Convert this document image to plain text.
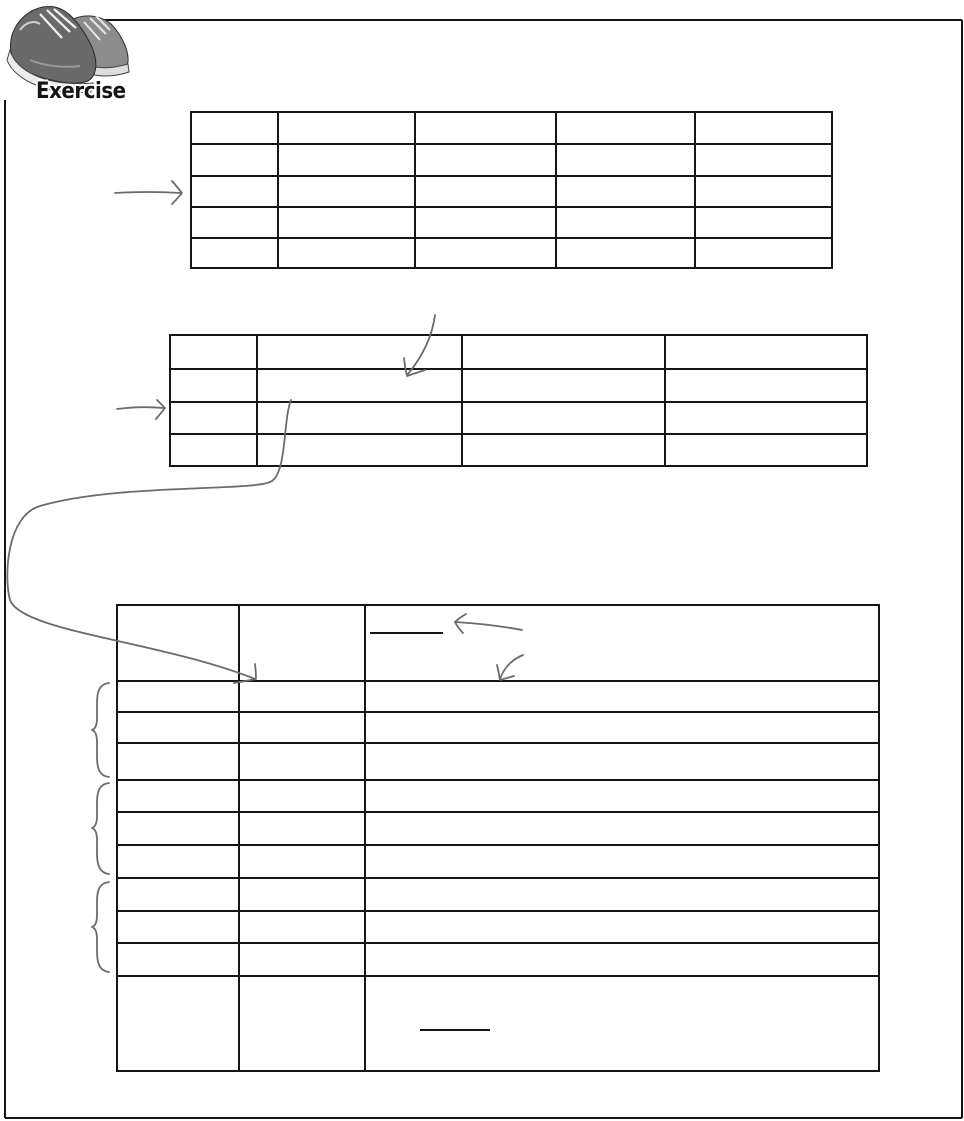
Exercise
